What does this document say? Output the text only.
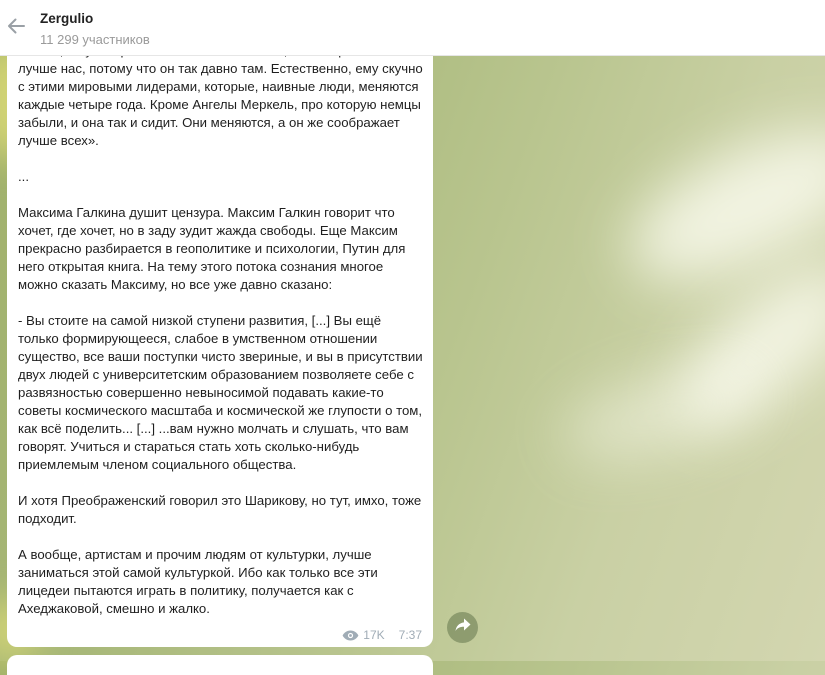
лучше нас, потому что он так давно там. Естественно, ему скучно с этими мировыми лидерами, которые, наивные люди, меняются каждые четыре года. Кроме Ангелы Меркель, про которую немцы забыли, и она так и сидит. Они меняются, а он же соображает лучше всех».

...

Максима Галкина душит цензура. Максим Галкин говорит что хочет, где хочет, но в заду зудит жажда свободы. Еще Максим прекрасно разбирается в геополитике и психологии, Путин для него открытая книга. На тему этого потока сознания многое можно сказать Максиму, но все уже давно сказано:

- Вы стоите на самой низкой ступени развития, [...] Вы ещё только формирующееся, слабое в умственном отношении существо, все ваши поступки чисто звериные, и вы в присутствии двух людей с университетским образованием позволяете себе с развязностью совершенно невыносимой подавать какие-то советы космического масштаба и космической же глупости о том, как всё поделить... [...] ...вам нужно молчать и слушать, что вам говорят. Учиться и стараться стать хоть сколько-нибудь приемлемым членом социального общества.

И хотя Преображенский говорил это Шарикову, но тут, имхо, тоже подходит.

А вообще, артистам и прочим людям от культурки, лучше заниматься этой самой культуркой. Ибо как только все эти лицедеи пытаются играть в политику, получается как с Ахеджаковой, смешно и жалко.
17K 7:37
Zergulio
11 299 участников
